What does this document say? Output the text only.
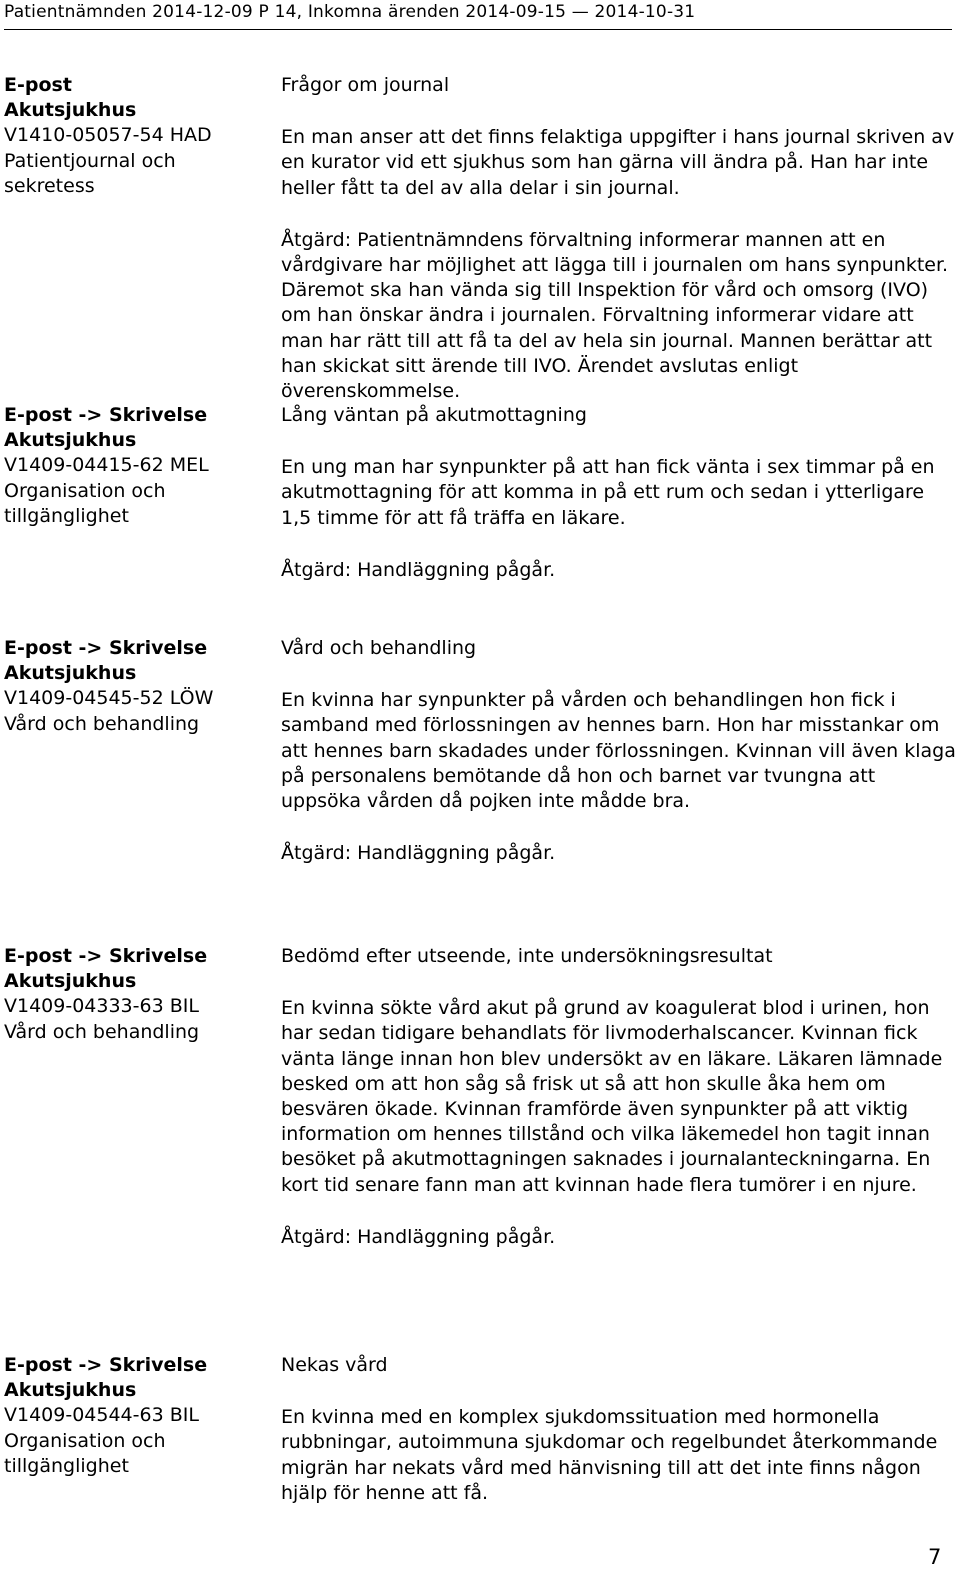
Patientnämnden 2014-12-09 P 14, Inkomna ärenden 2014-09-15 — 2014-10-31
E-post
Akutsjukhus
V1410-05057-54 HAD
Patientjournal och sekretess

Frågor om journal

En man anser att det finns felaktiga uppgifter i hans journal skriven av en kurator vid ett sjukhus som han gärna vill ändra på. Han har inte heller fått ta del av alla delar i sin journal.

Åtgärd: Patientnämndens förvaltning informerar mannen att en vårdgivare har möjlighet att lägga till i journalen om hans synpunkter. Däremot ska han vända sig till Inspektion för vård och omsorg (IVO) om han önskar ändra i journalen. Förvaltning informerar vidare att man har rätt till att få ta del av hela sin journal. Mannen berättar att han skickat sitt ärende till IVO. Ärendet avslutas enligt överenskommelse.

E-post -> Skrivelse
Akutsjukhus
V1409-04415-62 MEL
Organisation och tillgänglighet

Lång väntan på akutmottagning

En ung man har synpunkter på att han fick vänta i sex timmar på en akutmottagning för att komma in på ett rum och sedan i ytterligare 1,5 timme för att få träffa en läkare.

Åtgärd: Handläggning pågår.

E-post -> Skrivelse
Akutsjukhus
V1409-04545-52 LÖW
Vård och behandling

Vård och behandling

En kvinna har synpunkter på vården och behandlingen hon fick i samband med förlossningen av hennes barn. Hon har misstankar om att hennes barn skadades under förlossningen. Kvinnan vill även klaga på personalens bemötande då hon och barnet var tvungna att uppsöka vården då pojken inte mådde bra.

Åtgärd: Handläggning pågår.

E-post -> Skrivelse
Akutsjukhus
V1409-04333-63 BIL
Vård och behandling

Bedömd efter utseende, inte undersökningsresultat

En kvinna sökte vård akut på grund av koagulerat blod i urinen, hon har sedan tidigare behandlats för livmoderhalscancer. Kvinnan fick vänta länge innan hon blev undersökt av en läkare. Läkaren lämnade besked om att hon såg så frisk ut så att hon skulle åka hem om besvären ökade. Kvinnan framförde även synpunkter på att viktig information om hennes tillstånd och vilka läkemedel hon tagit innan besöket på akutmottagningen saknades i journalanteckningarna. En kort tid senare fann man att kvinnan hade flera tumörer i en njure.

Åtgärd: Handläggning pågår.

E-post -> Skrivelse
Akutsjukhus
V1409-04544-63 BIL
Organisation och tillgänglighet

Nekas vård

En kvinna med en komplex sjukdomssituation med hormonella rubbningar, autoimmuna sjukdomar och regelbundet återkommande migrän har nekats vård med hänvisning till att det inte finns någon hjälp för henne att få.

7
